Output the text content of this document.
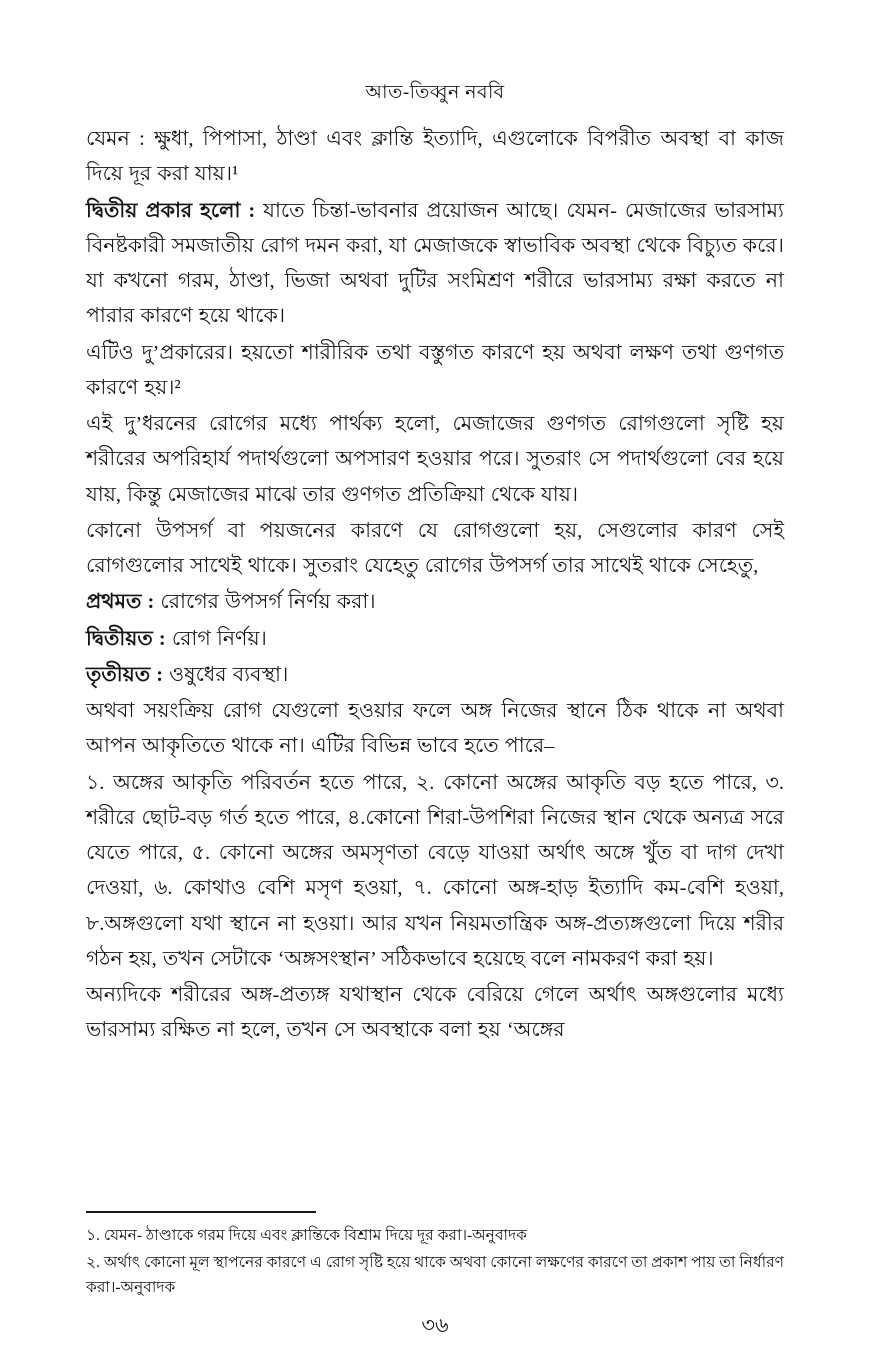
আত-তিব্বুন নববি

যেমন : ক্ষুধা, পিপাসা, ঠাণ্ডা এবং ক্লান্তি ইত্যাদি, এগুলোকে বিপরীত অবস্থা বা কাজ দিয়ে দূর করা যায়।¹

দ্বিতীয় প্রকার হলো : যাতে চিন্তা-ভাবনার প্রয়োজন আছে। যেমন- মেজাজের ভারসাম্য বিনষ্টকারী সমজাতীয় রোগ দমন করা, যা মেজাজকে স্বাভাবিক অবস্থা থেকে বিচ্যুত করে। যা কখনো গরম, ঠাণ্ডা, ভিজা অথবা দুটির সংমিশ্রণ শরীরে ভারসাম্য রক্ষা করতে না পারার কারণে হয়ে থাকে।

এটিও দু’প্রকারের। হয়তো শারীরিক তথা বস্তুগত কারণে হয় অথবা লক্ষণ তথা গুণগত কারণে হয়।²

এই দু’ধরনের রোগের মধ্যে পার্থক্য হলো, মেজাজের গুণগত রোগগুলো সৃষ্টি হয় শরীরের অপরিহার্য পদার্থগুলো অপসারণ হওয়ার পরে। সুতরাং সে পদার্থগুলো বের হয়ে যায়, কিন্তু মেজাজের মাঝে তার গুণগত প্রতিক্রিয়া থেকে যায়।

কোনো উপসর্গ বা পয়জনের কারণে যে রোগগুলো হয়, সেগুলোর কারণ সেই রোগগুলোর সাথেই থাকে। সুতরাং যেহেতু রোগের উপসর্গ তার সাথেই থাকে সেহেতু,

প্রথমত : রোগের উপসর্গ নির্ণয় করা।

দ্বিতীয়ত : রোগ নির্ণয়।

তৃতীয়ত : ওষুধের ব্যবস্থা।

অথবা সয়ংক্রিয় রোগ যেগুলো হওয়ার ফলে অঙ্গ নিজের স্থানে ঠিক থাকে না অথবা আপন আকৃতিতে থাকে না। এটির বিভিন্ন ভাবে হতে পারে–

১. অঙ্গের আকৃতি পরিবর্তন হতে পারে, ২. কোনো অঙ্গের আকৃতি বড় হতে পারে, ৩. শরীরে ছোট-বড় গর্ত হতে পারে, ৪.কোনো শিরা-উপশিরা নিজের স্থান থেকে অন্যত্র সরে যেতে পারে, ৫. কোনো অঙ্গের অমসৃণতা বেড়ে যাওয়া অর্থাৎ অঙ্গে খুঁত বা দাগ দেখা দেওয়া, ৬. কোথাও বেশি মসৃণ হওয়া, ৭. কোনো অঙ্গ-হাড় ইত্যাদি কম-বেশি হওয়া, ৮.অঙ্গগুলো যথা স্থানে না হওয়া। আর যখন নিয়মতান্ত্রিক অঙ্গ-প্রত্যঙ্গগুলো দিয়ে শরীর গঠন হয়, তখন সেটাকে ‘অঙ্গসংস্থান’ সঠিকভাবে হয়েছে বলে নামকরণ করা হয়।

অন্যদিকে শরীরের অঙ্গ-প্রত্যঙ্গ যথাস্থান থেকে বেরিয়ে গেলে অর্থাৎ অঙ্গগুলোর মধ্যে ভারসাম্য রক্ষিত না হলে, তখন সে অবস্থাকে বলা হয় ‘অঙ্গের

১. যেমন- ঠাণ্ডাকে গরম দিয়ে এবং ক্লান্তিকে বিশ্রাম দিয়ে দূর করা।-অনুবাদক

২. অর্থাৎ কোনো মূল স্থাপনের কারণে এ রোগ সৃষ্টি হয়ে থাকে অথবা কোনো লক্ষণের কারণে তা প্রকাশ পায় তা নির্ধারণ করা।-অনুবাদক

৩৬
